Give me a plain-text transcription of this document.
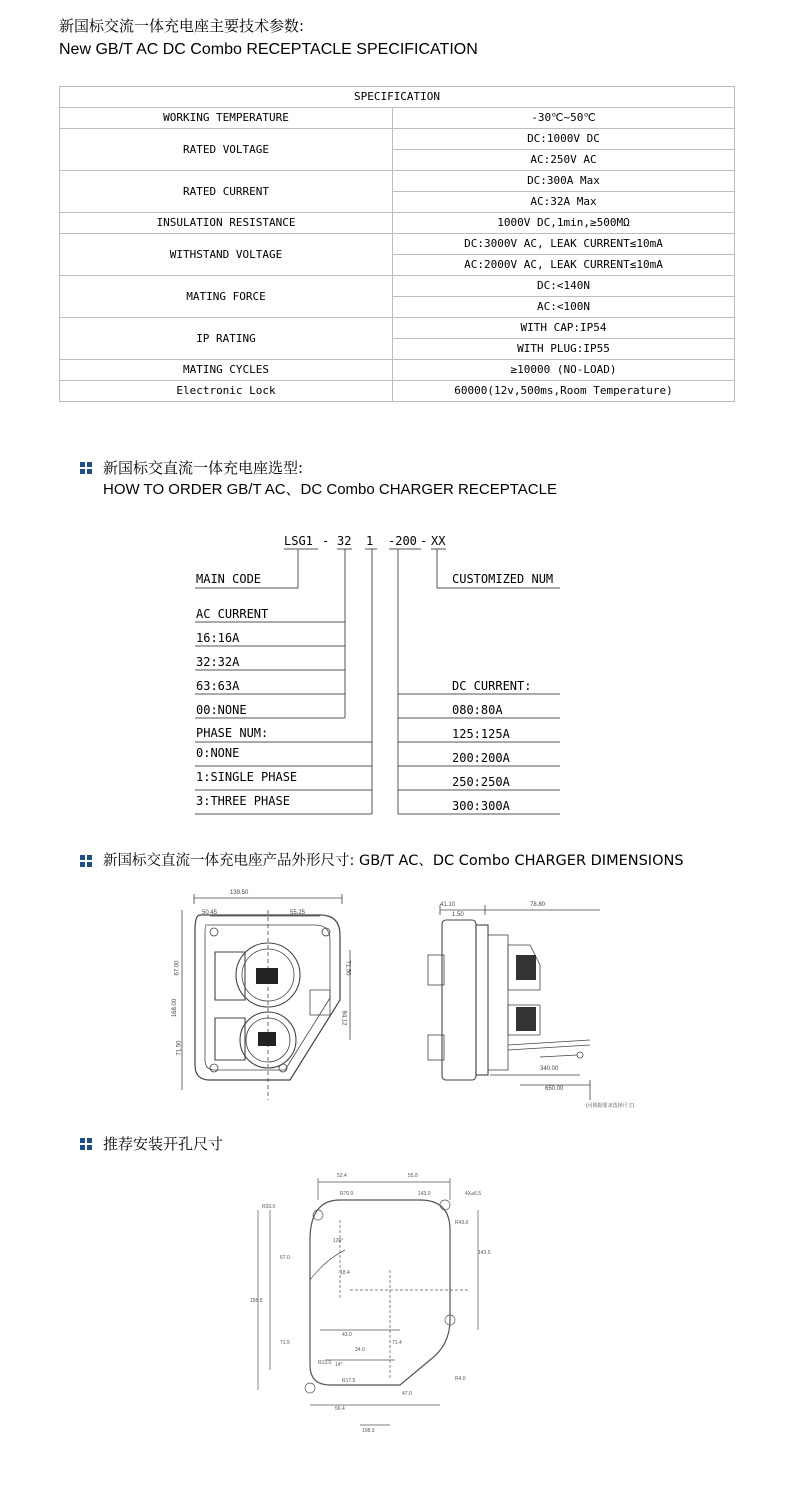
新国标交流一体充电座主要技术参数:
New GB/T AC DC Combo RECEPTACLE SPECIFICATION
SPECIFICATION	
WORKING TEMPERATURE	-30℃~50℃
RATED VOLTAGE	DC:1000V DC
	AC:250V AC
RATED CURRENT	DC:300A Max
	AC:32A Max
INSULATION RESISTANCE	1000V DC,1min,≥500MΩ
WITHSTAND VOLTAGE	DC:3000V AC, LEAK CURRENT≤10mA
	AC:2000V AC, LEAK CURRENT≤10mA
MATING FORCE	DC:<140N
	AC:<100N
IP RATING	WITH CAP:IP54
	WITH PLUG:IP55
MATING CYCLES	≥10000 (NO-LOAD)
Electronic Lock	60000(12v,500ms,Room Temperature)
新国标交直流一体充电座选型:
HOW TO ORDER GB/T AC、DC Combo CHARGER RECEPTACLE
LSG1 - 32 1 -200 - XX
MAIN CODE	CUSTOMIZED NUM
AC CURRENT
16:16A
32:32A
63:63A
00:NONE
PHASE NUM:
0:NONE
1:SINGLE PHASE
3:THREE PHASE
DC CURRENT:
080:80A
125:125A
200:200A
250:250A
300:300A
新国标交直流一体充电座产品外形尺寸: GB/T AC、DC Combo CHARGER DIMENSIONS
139.50
50.45	55.25
67.00
168.00
71.50
71.50
84.12
41.10
1.50
78.80
340.00
650.00
(可根据要求选择尺寸)
推荐安装开孔尺寸
52.4	55.8
R70.0
R33.0
R43.0
4X⌀6.5
143.0
126°
18.4
67.0
71.5
158.5
143.5
43.0
71.4
47.0
56.4
R13.0
34.0
R4.0
R17.5
14°
108.3
